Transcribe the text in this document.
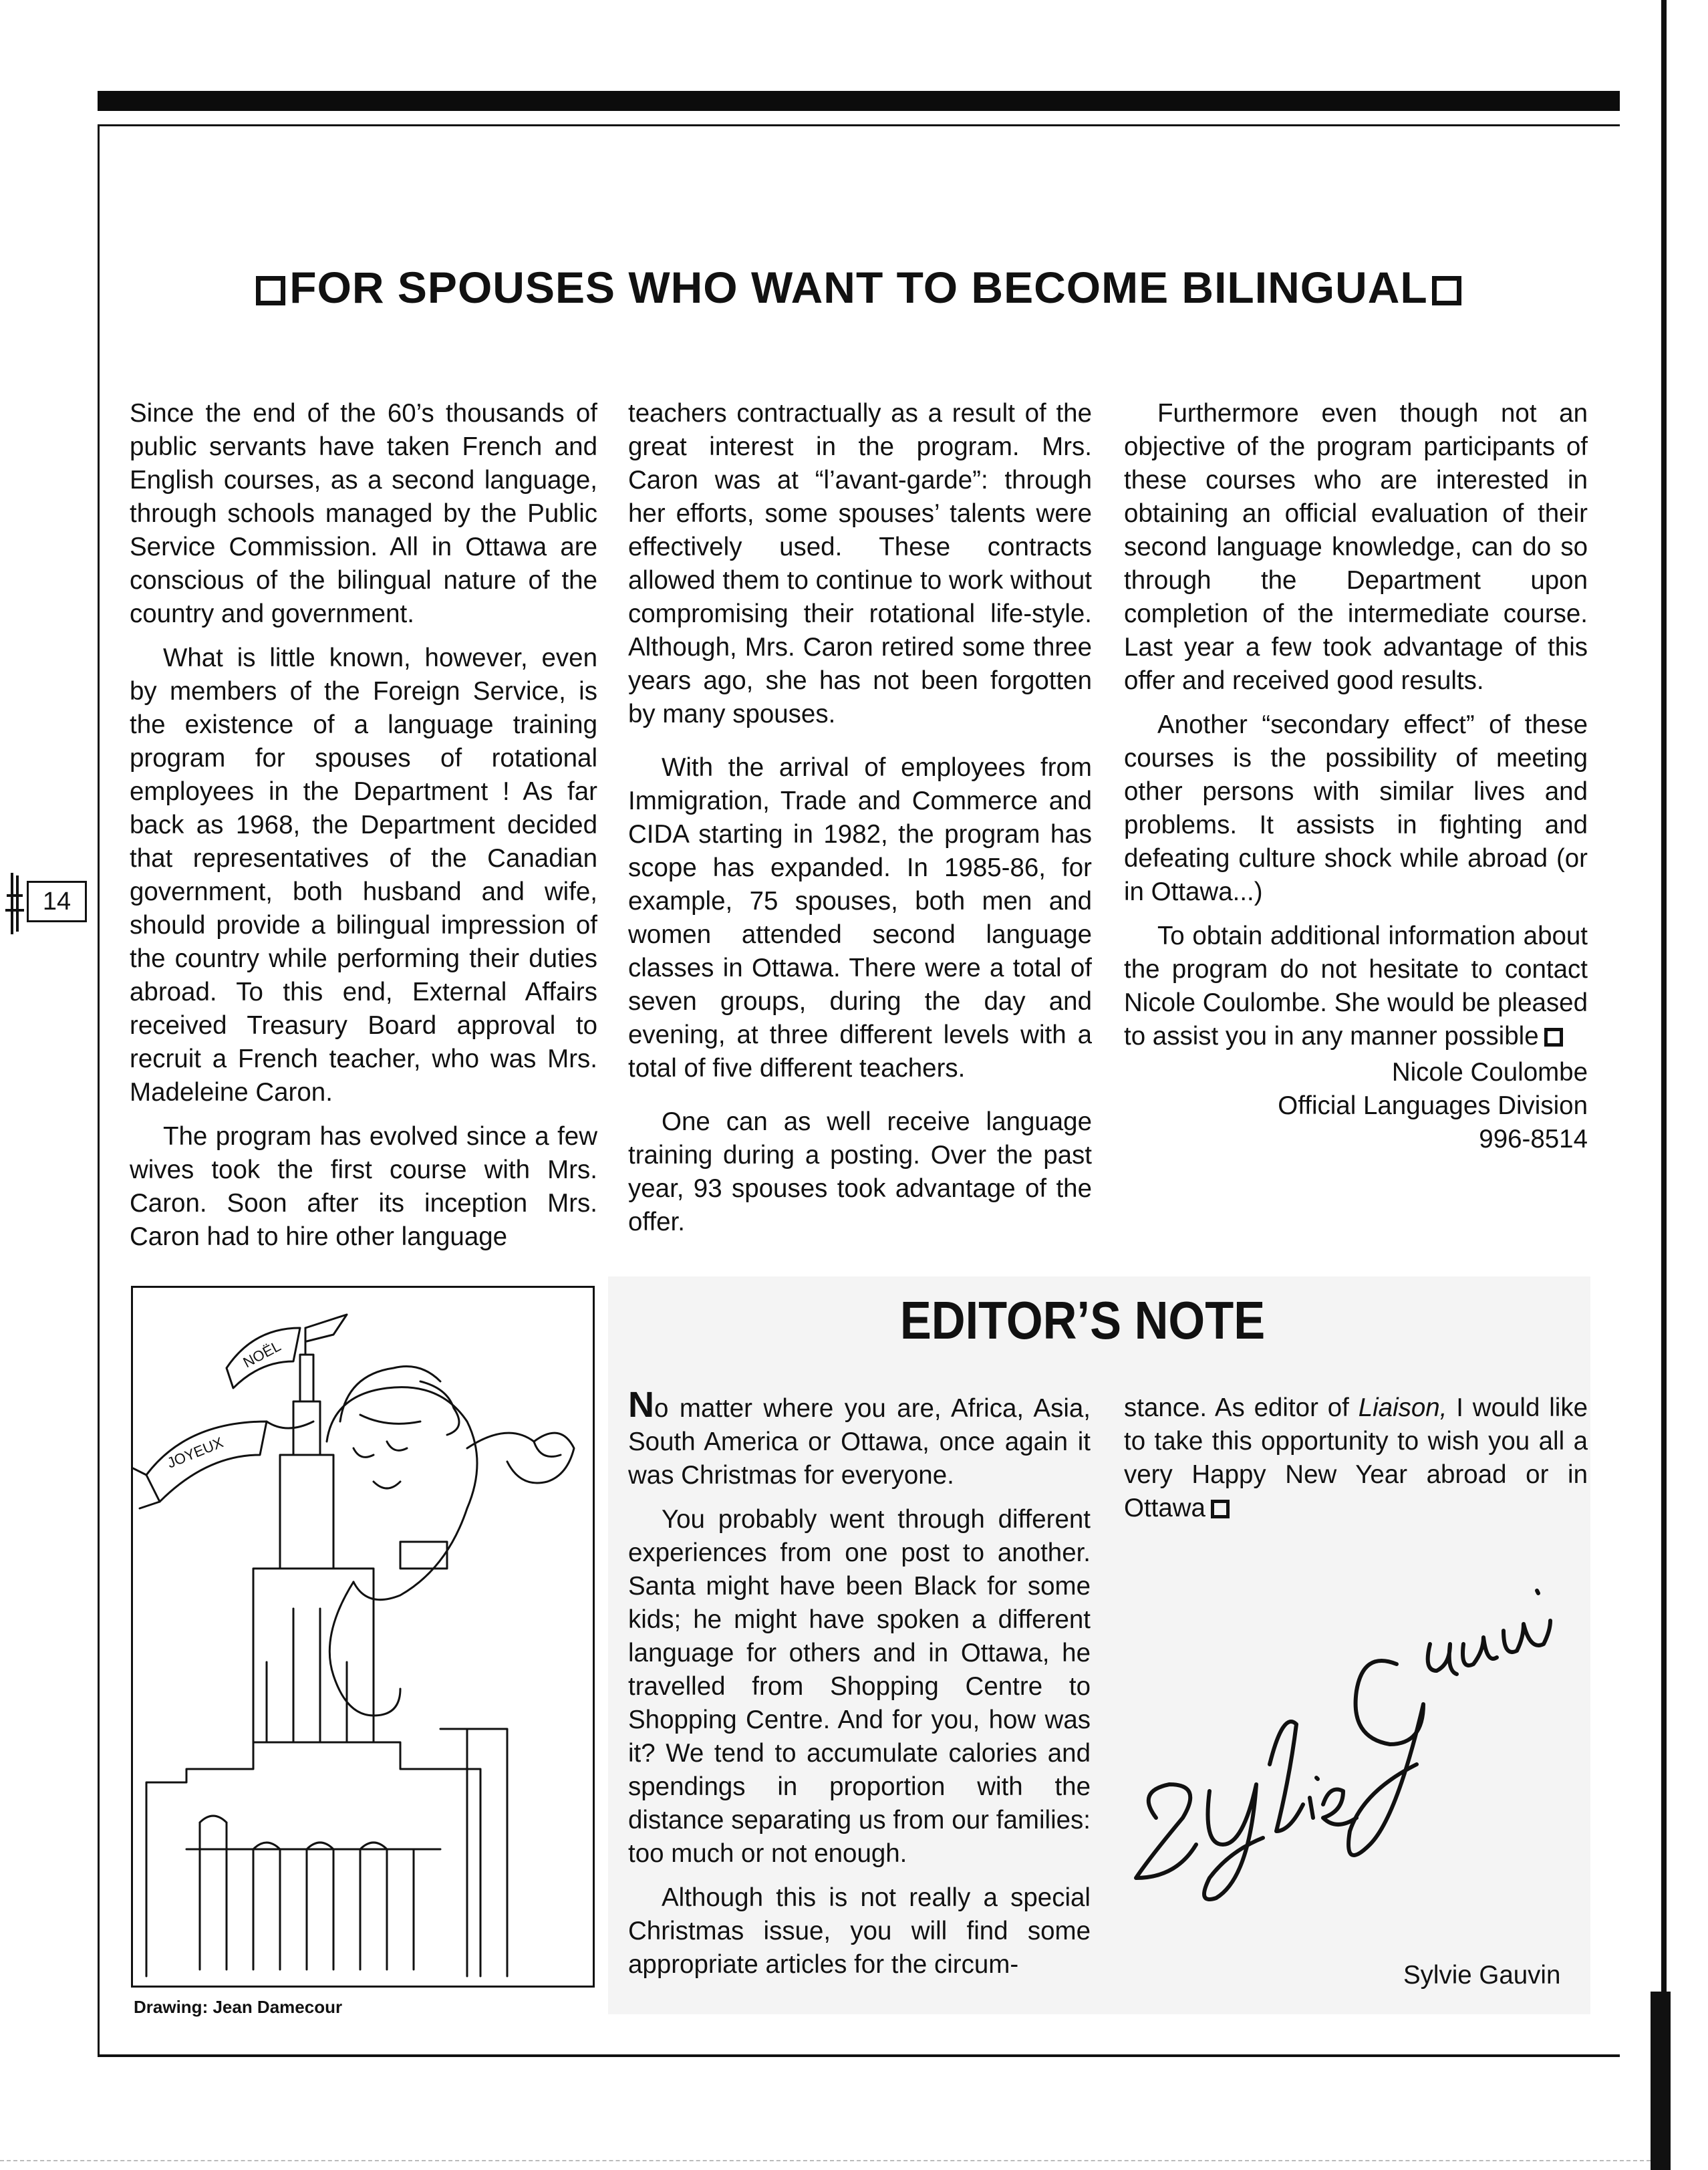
14
FOR SPOUSES WHO WANT TO BECOME BILINGUAL

Since the end of the 60’s thousands of public servants have taken French and English courses, as a second language, through schools managed by the Public Service Commission. All in Ottawa are conscious of the bilingual nature of the country and government.

What is little known, however, even by members of the Foreign Service, is the existence of a language training program for spouses of rotational employees in the Department ! As far back as 1968, the Department decided that representatives of the Canadian government, both husband and wife, should provide a bilingual impression of the country while performing their duties abroad. To this end, External Affairs received Treasury Board approval to recruit a French teacher, who was Mrs. Madeleine Caron.

The program has evolved since a few wives took the first course with Mrs. Caron. Soon after its inception Mrs. Caron had to hire other language

teachers contractually as a result of the great interest in the program. Mrs. Caron was at “l’avant-garde”: through her efforts, some spouses’ talents were effectively used. These contracts allowed them to continue to work without compromising their rotational life-style. Although, Mrs. Caron retired some three years ago, she has not been forgotten by many spouses.

With the arrival of employees from Immigration, Trade and Commerce and CIDA starting in 1982, the program has scope has expanded. In 1985-86, for example, 75 spouses, both men and women attended second language classes in Ottawa. There were a total of seven groups, during the day and evening, at three different levels with a total of five different teachers.

One can as well receive language training during a posting. Over the past year, 93 spouses took advantage of the offer.

Furthermore even though not an objective of the program participants of these courses who are interested in obtaining an official evaluation of their second language knowledge, can do so through the Department upon completion of the intermediate course. Last year a few took advantage of this offer and received good results.

Another “secondary effect” of these courses is the possibility of meeting other persons with similar lives and problems. It assists in fighting and defeating culture shock while abroad (or in Ottawa...)

To obtain additional information about the program do not hesitate to contact Nicole Coulombe. She would be pleased to assist you in any manner possible

Nicole Coulombe
Official Languages Division
996-8514
NOËL
JOYEUX
Drawing: Jean Damecour
EDITOR’S NOTE

No matter where you are, Africa, Asia, South America or Ottawa, once again it was Christmas for everyone.

You probably went through different experiences from one post to another. Santa might have been Black for some kids; he might have spoken a different language for others and in Ottawa, he travelled from Shopping Centre to Shopping Centre. And for you, how was it? We tend to accumulate calories and spendings in proportion with the distance separating us from our families: too much or not enough.

Although this is not really a special Christmas issue, you will find some appropriate articles for the circum-

stance. As editor of Liaison, I would like to take this opportunity to wish you all a very Happy New Year abroad or in Ottawa

Sylvie Gauvin
